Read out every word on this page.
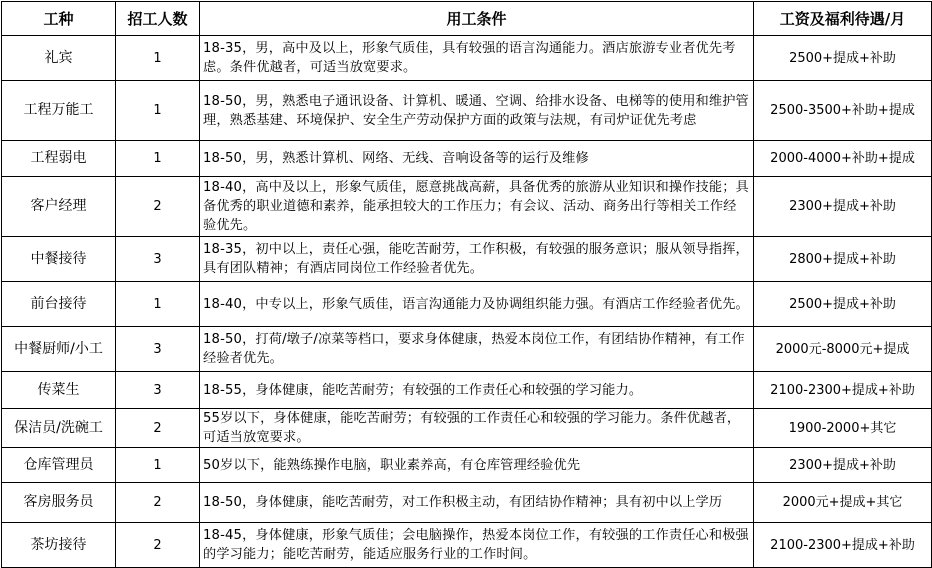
工种	招工人数	用工条件	工资及福利待遇/月
礼宾	1	18-35，男，高中及以上，形象气质佳，具有较强的语言沟通能力。酒店旅游专业者优先考虑。条件优越者，可适当放宽要求。	2500+提成+补助
工程万能工	1	18-50，男，熟悉电子通讯设备、计算机、暖通、空调、给排水设备、电梯等的使用和维护管理，熟悉基建、环境保护、安全生产劳动保护方面的政策与法规，有司炉证优先考虑	2500-3500+补助+提成
工程弱电	1	18-50，男，熟悉计算机、网络、无线、音响设备等的运行及维修	2000-4000+补助+提成
客户经理	2	18-40，高中及以上，形象气质佳，愿意挑战高薪，具备优秀的旅游从业知识和操作技能；具备优秀的职业道德和素养，能承担较大的工作压力；有会议、活动、商务出行等相关工作经验优先。	2300+提成+补助
中餐接待	3	18-35，初中以上，责任心强，能吃苦耐劳，工作积极，有较强的服务意识；服从领导指挥，具有团队精神；有酒店同岗位工作经验者优先。	2800+提成+补助
前台接待	1	18-40，中专以上，形象气质佳，语言沟通能力及协调组织能力强。有酒店工作经验者优先。	2500+提成+补助
中餐厨师/小工	3	18-50，打荷/墩子/凉菜等档口，要求身体健康，热爱本岗位工作，有团结协作精神，有工作经验者优先。	2000元-8000元+提成
传菜生	3	18-55，身体健康，能吃苦耐劳；有较强的工作责任心和较强的学习能力。	2100-2300+提成+补助
保洁员/洗碗工	2	55岁以下，身体健康，能吃苦耐劳；有较强的工作责任心和较强的学习能力。条件优越者，可适当放宽要求。	1900-2000+其它
仓库管理员	1	50岁以下，能熟练操作电脑，职业素养高，有仓库管理经验优先	2300+提成+补助
客房服务员	2	18-50，身体健康，能吃苦耐劳，对工作积极主动，有团结协作精神；具有初中以上学历	2000元+提成+其它
茶坊接待	2	18-45，身体健康，形象气质佳；会电脑操作，热爱本岗位工作，有较强的工作责任心和极强的学习能力；能吃苦耐劳，能适应服务行业的工作时间。	2100-2300+提成+补助
